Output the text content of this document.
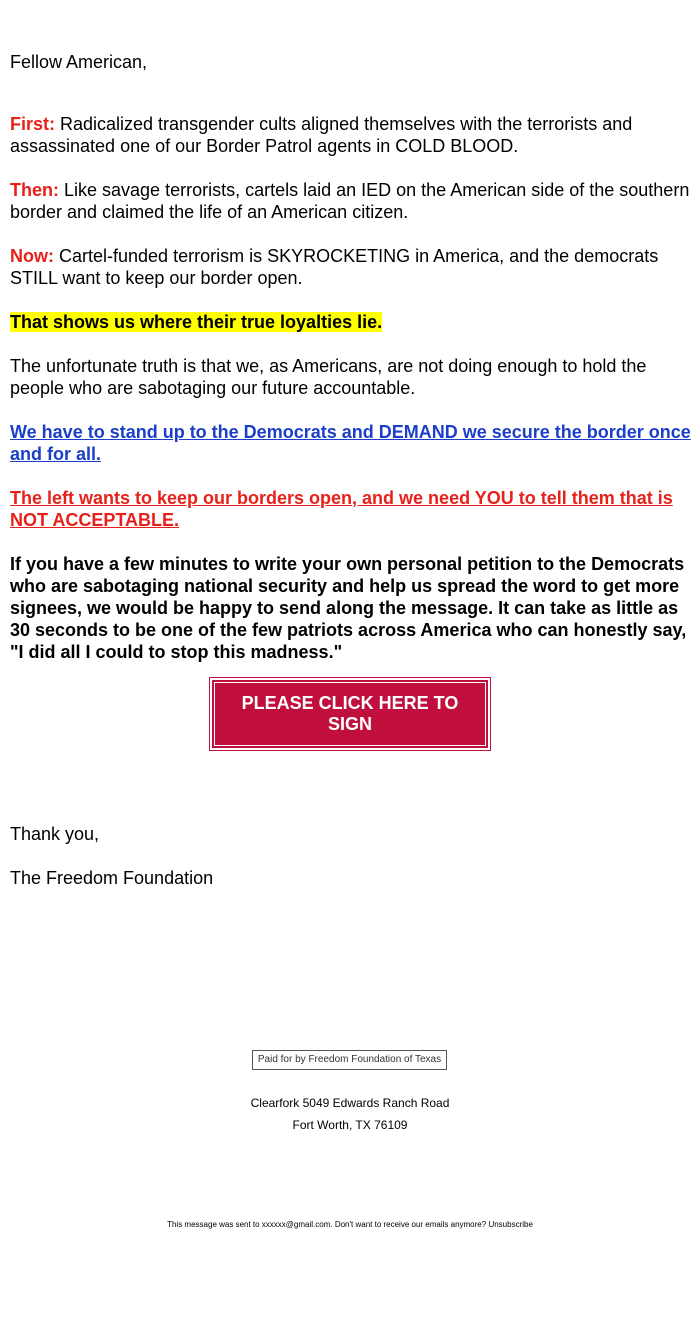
Fellow American,

First: Radicalized transgender cults aligned themselves with the terrorists and assassinated one of our Border Patrol agents in COLD BLOOD.

Then: Like savage terrorists, cartels laid an IED on the American side of the southern border and claimed the life of an American citizen.

Now: Cartel-funded terrorism is SKYROCKETING in America, and the democrats STILL want to keep our border open.

That shows us where their true loyalties lie.

The unfortunate truth is that we, as Americans, are not doing enough to hold the people who are sabotaging our future accountable.

We have to stand up to the Democrats and DEMAND we secure the border once and for all.

The left wants to keep our borders open, and we need YOU to tell them that is NOT ACCEPTABLE.

If you have a few minutes to write your own personal petition to the Democrats who are sabotaging national security and help us spread the word to get more signees, we would be happy to send along the message. It can take as little as 30 seconds to be one of the few patriots across America who can honestly say, "I did all I could to stop this madness."

Thank you,

The Freedom Foundation

PLEASE CLICK HERE TO SIGN
Paid for by Freedom Foundation of Texas
Clearfork 5049 Edwards Ranch Road
Fort Worth, TX 76109
This message was sent to xxxxxx@gmail.com. Don't want to receive our emails anymore? Unsubscribe
